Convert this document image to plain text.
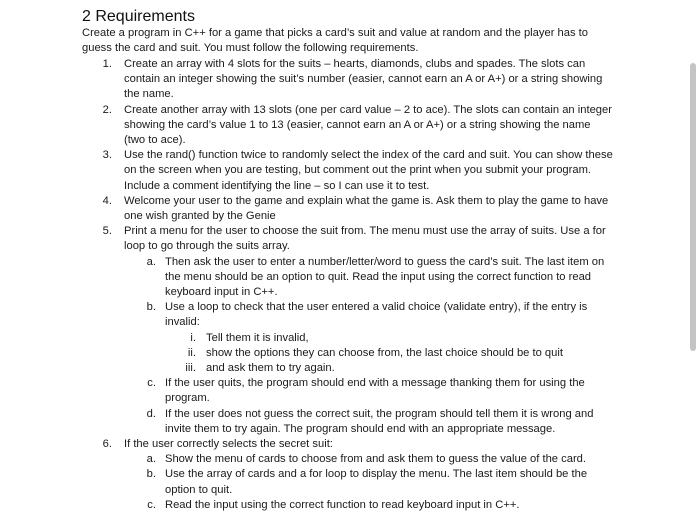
2 Requirements
Create a program in C++ for a game that picks a card’s suit and value at random and the player has to guess the card and suit. You must follow the following requirements.
1. Create an array with 4 slots for the suits – hearts, diamonds, clubs and spades. The slots can contain an integer showing the suit’s number (easier, cannot earn an A or A+) or a string showing the name.
2. Create another array with 13 slots (one per card value – 2 to ace). The slots can contain an integer showing the card’s value 1 to 13 (easier, cannot earn an A or A+) or a string showing the name (two to ace).
3. Use the rand() function twice to randomly select the index of the card and suit. You can show these on the screen when you are testing, but comment out the print when you submit your program. Include a comment identifying the line – so I can use it to test.
4. Welcome your user to the game and explain what the game is. Ask them to play the game to have one wish granted by the Genie
5. Print a menu for the user to choose the suit from. The menu must use the array of suits. Use a for loop to go through the suits array.
a. Then ask the user to enter a number/letter/word to guess the card’s suit. The last item on the menu should be an option to quit. Read the input using the correct function to read keyboard input in C++.
b. Use a loop to check that the user entered a valid choice (validate entry), if the entry is invalid:
i. Tell them it is invalid,
ii. show the options they can choose from, the last choice should be to quit
iii. and ask them to try again.
c. If the user quits, the program should end with a message thanking them for using the program.
d. If the user does not guess the correct suit, the program should tell them it is wrong and invite them to try again. The program should end with an appropriate message.
6. If the user correctly selects the secret suit:
a. Show the menu of cards to choose from and ask them to guess the value of the card.
b. Use the array of cards and a for loop to display the menu. The last item should be the option to quit.
c. Read the input using the correct function to read keyboard input in C++.
